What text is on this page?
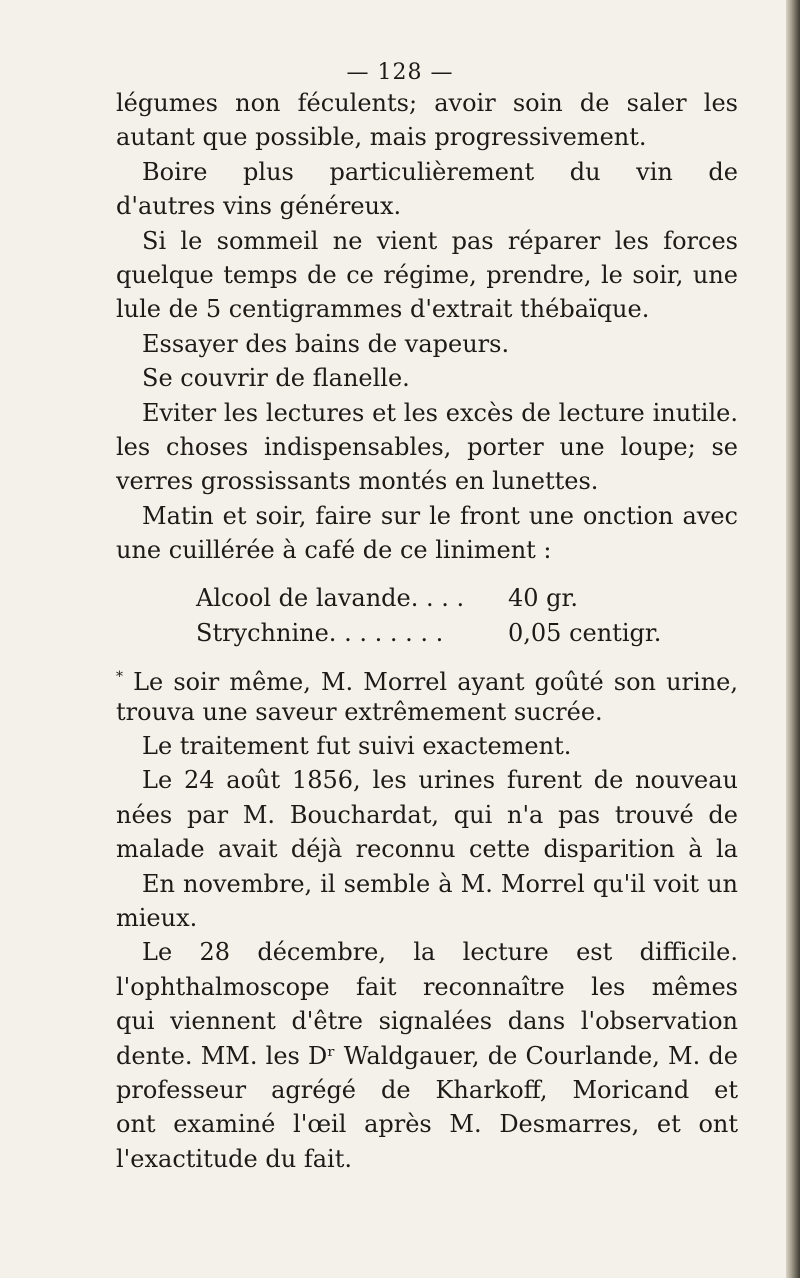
— 128 —
légumes non féculents; avoir soin de saler les
autant que possible, mais progressivement.
Boire plus particulièrement du vin de
d'autres vins généreux.
Si le sommeil ne vient pas réparer les forces
quelque temps de ce régime, prendre, le soir, une
lule de 5 centigrammes d'extrait thébaïque.
Essayer des bains de vapeurs.
Se couvrir de flanelle.
Eviter les lectures et les excès de lecture inutile.
les choses indispensables, porter une loupe; se
verres grossissants montés en lunettes.
Matin et soir, faire sur le front une onction avec
une cuillérée à café de ce liniment :
Alcool de lavande. . . . 40 gr.
Strychnine. . . . . . . .	0,05 centigr.
* Le soir même, M. Morrel ayant goûté son urine,
trouva une saveur extrêmement sucrée.
Le traitement fut suivi exactement.
Le 24 août 1856, les urines furent de nouveau
nées par M. Bouchardat, qui n'a pas trouvé de
malade avait déjà reconnu cette disparition à la
En novembre, il semble à M. Morrel qu'il voit un
mieux.
Le 28 décembre, la lecture est difficile.
l'ophthalmoscope fait reconnaître les mêmes
qui viennent d'être signalées dans l'observation
dente. MM. les Dʳ Waldgauer, de Courlande, M. de
professeur agrégé de Kharkoff, Moricand et
ont examiné l'œil après M. Desmarres, et ont
l'exactitude du fait.
